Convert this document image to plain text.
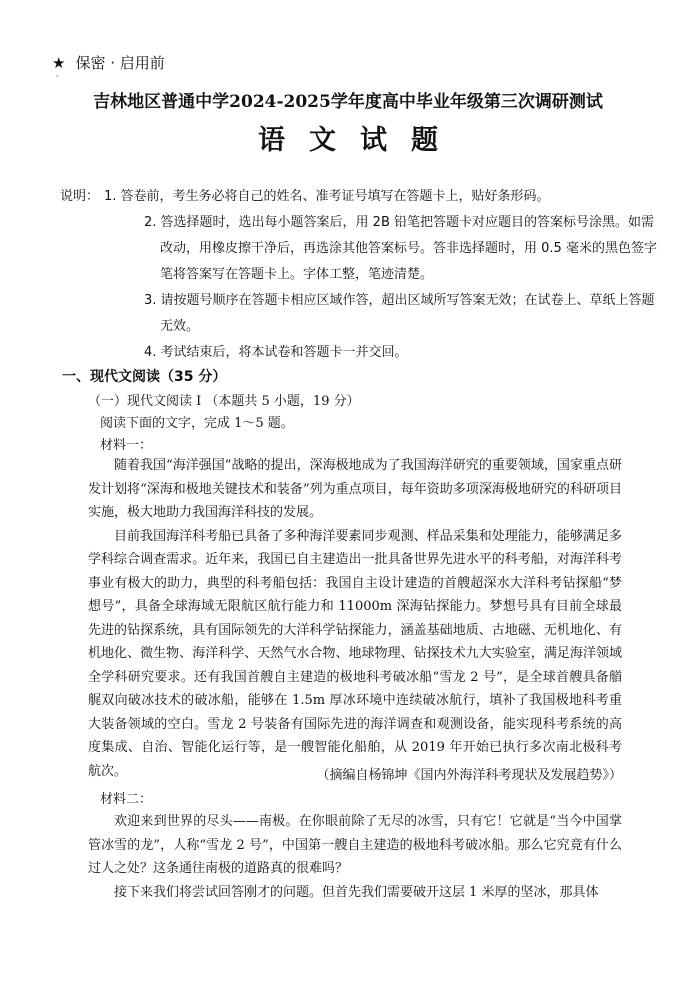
★ 保密 · 启用前
·
吉林地区普通中学2024-2025学年度高中毕业年级第三次调研测试
语文试题
说明： 1. 答卷前，考生务必将自己的姓名、准考证号填写在答题卡上，贴好条形码。
2. 答选择题时，选出每小题答案后，用 2B 铅笔把答题卡对应题目的答案标号涂黑。如需改动，用橡皮擦干净后，再选涂其他答案标号。答非选择题时，用 0.5 毫米的黑色签字笔将答案写在答题卡上。字体工整，笔迹清楚。
3. 请按题号顺序在答题卡相应区域作答，超出区域所写答案无效；在试卷上、草纸上答题无效。
4. 考试结束后，将本试卷和答题卡一并交回。
一、现代文阅读（35 分）
（一）现代文阅读 I （本题共 5 小题，19 分）
阅读下面的文字，完成 1～5 题。
材料一：

随着我国“海洋强国”战略的提出，深海极地成为了我国海洋研究的重要领域，国家重点研发计划将“深海和极地关键技术和装备”列为重点项目，每年资助多项深海极地研究的科研项目实施，极大地助力我国海洋科技的发展。

目前我国海洋科考船已具备了多种海洋要素同步观测、样品采集和处理能力，能够满足多学科综合调查需求。近年来，我国已自主建造出一批具备世界先进水平的科考船，对海洋科考事业有极大的助力，典型的科考船包括：我国自主设计建造的首艘超深水大洋科考钻探船“梦想号”，具备全球海域无限航区航行能力和 11000m 深海钻探能力。梦想号具有目前全球最先进的钻探系统，具有国际领先的大洋科学钻探能力，涵盖基础地质、古地磁、无机地化、有机地化、微生物、海洋科学、天然气水合物、地球物理、钻探技术九大实验室，满足海洋领域全学科研究要求。还有我国首艘自主建造的极地科考破冰船“雪龙 2 号”，是全球首艘具备艏艉双向破冰技术的破冰船，能够在 1.5m 厚冰环境中连续破冰航行，填补了我国极地科考重大装备领域的空白。雪龙 2 号装备有国际先进的海洋调查和观测设备，能实现科考系统的高度集成、自治、智能化运行等，是一艘智能化船舶，从 2019 年开始已执行多次南北极科考航次。	（摘编自杨锦坤《国内外海洋科考现状及发展趋势》）
材料二：

欢迎来到世界的尽头——南极。在你眼前除了无尽的冰雪，只有它！它就是“当今中国掌管冰雪的龙”，人称“雪龙 2 号”，中国第一艘自主建造的极地科考破冰船。那么它究竟有什么过人之处？这条通往南极的道路真的很难吗？

接下来我们将尝试回答刚才的问题。但首先我们需要破开这层 1 米厚的坚冰，那具体
